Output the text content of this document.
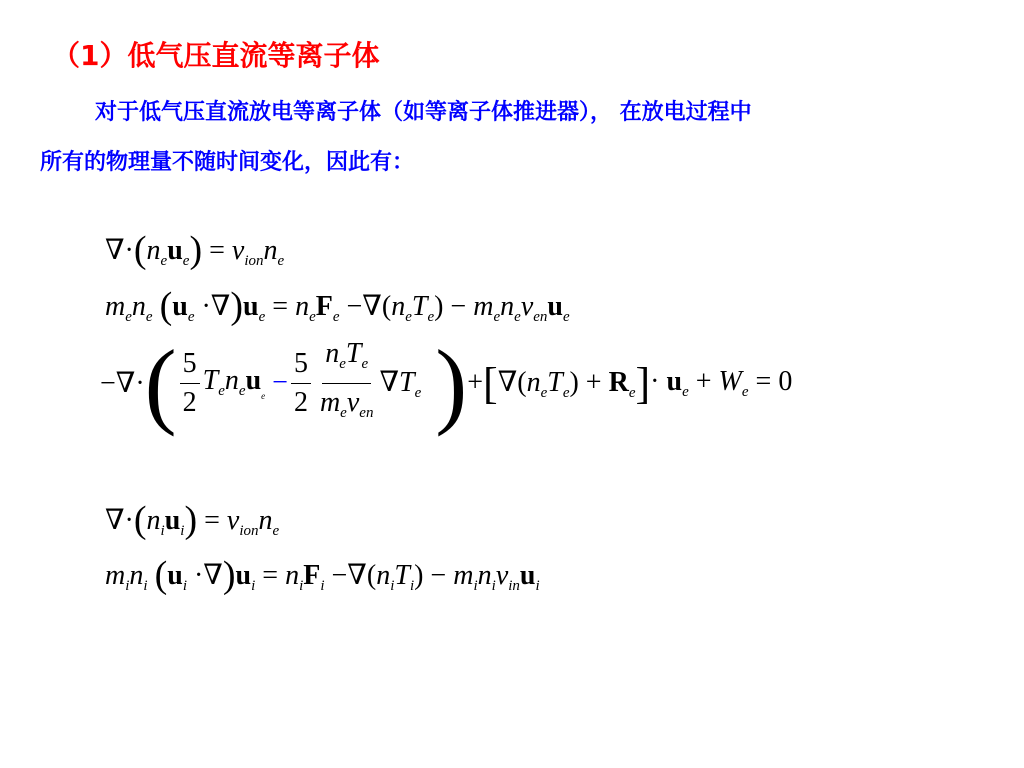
（1）低气压直流等离子体
对于低气压直流放电等离子体（如等离子体推进器）， 在放电过程中
所有的物理量不随时间变化，因此有：
$\nabla\cdot(n_eu_e) = \nu_{ion}n_e$
$m_en_e$ $(u_e \cdot\nabla)u_e = n_eF_e -\nabla(n_eT_e) - m_en_e\nu_{en}u_e$
−∇· ( $\frac{5}{2} T_en_eu_e - \frac{5}{2} \frac{n_eT_e}{m_e\nu_{en}} \nabla T_e$ ) + [ $\nabla(n_eT_e) + R_e$ ] · $u_e + W_e = 0$
$\nabla\cdot(n_iu_i) = \nu_{ion}n_e$
$m_in_i$ $(u_i \cdot\nabla)u_i = n_iF_i -\nabla(n_iT_i) - m_in_i\nu_{in}u_i$
